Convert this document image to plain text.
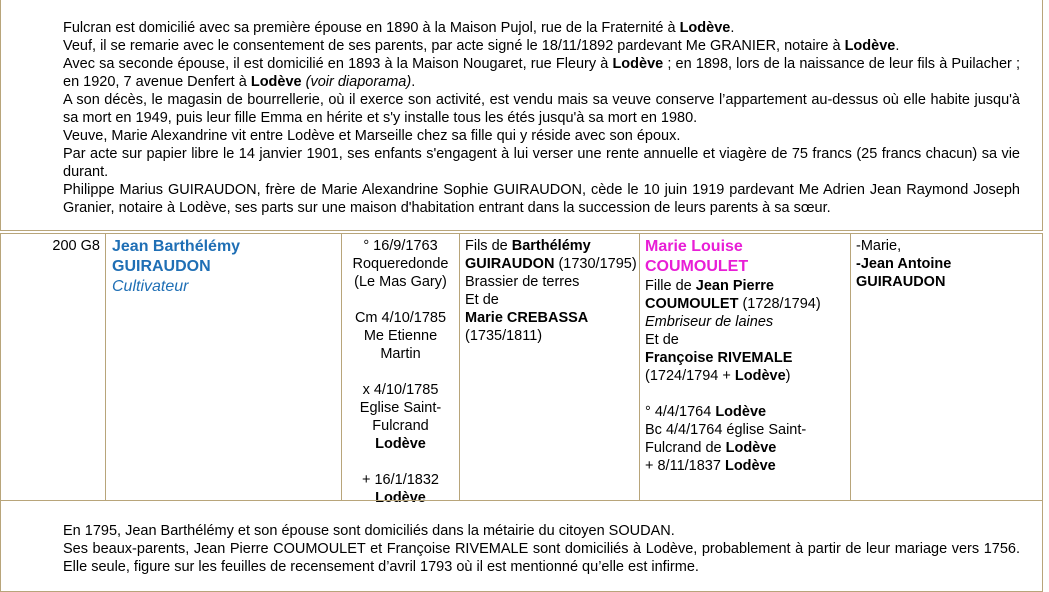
Fulcran est domicilié avec sa première épouse en 1890 à la Maison Pujol, rue de la Fraternité à Lodève.

Veuf, il se remarie avec le consentement de ses parents, par acte signé le 18/11/1892 pardevant Me GRANIER, notaire à Lodève.

Avec sa seconde épouse, il est domicilié en 1893 à la Maison Nougaret, rue Fleury à Lodève ; en 1898, lors de la naissance de leur fils à Puilacher ; en 1920, 7 avenue Denfert à Lodève (voir diaporama).

A son décès, le magasin de bourrellerie, où il exerce son activité, est vendu mais sa veuve conserve l’appartement au-dessus où elle habite jusqu'à sa mort en 1949, puis leur fille Emma en hérite et s'y installe tous les étés jusqu'à sa mort en 1980.

Veuve, Marie Alexandrine vit entre Lodève et Marseille chez sa fille qui y réside avec son époux.

Par acte sur papier libre le 14 janvier 1901, ses enfants s'engagent à lui verser une rente annuelle et viagère de 75 francs (25 francs chacun) sa vie durant.

Philippe Marius GUIRAUDON, frère de Marie Alexandrine Sophie GUIRAUDON, cède le 10 juin 1919 pardevant Me Adrien Jean Raymond Joseph Granier, notaire à Lodève, ses parts sur une maison d'habitation entrant dans la succession de leurs parents à sa sœur.

200 G8 Jean Barthélémy GUIRAUDON
Cultivateur
° 16/9/1763
Roqueredonde
(Le Mas Gary)
Cm 4/10/1785
Me Etienne
Martin
x 4/10/1785
Eglise Saint-
Fulcrand
Lodève
+ 16/1/1832
Lodève
Fils de Barthélémy GUIRAUDON (1730/1795) Brassier de terres
Et de
Marie CREBASSA
(1735/1811)
Marie Louise COUMOULET
Fille de Jean Pierre COUMOULET (1728/1794)
Embriseur de laines
Et de
Françoise RIVEMALE
(1724/1794 + Lodève)
° 4/4/1764 Lodève
Bc 4/4/1764 église Saint-Fulcrand de Lodève
+ 8/11/1837 Lodève
-Marie,
-Jean Antoine GUIRAUDON

En 1795, Jean Barthélémy et son épouse sont domiciliés dans la métairie du citoyen SOUDAN.

Ses beaux-parents, Jean Pierre COUMOULET et Françoise RIVEMALE sont domiciliés à Lodève, probablement à partir de leur mariage vers 1756. Elle seule, figure sur les feuilles de recensement d’avril 1793 où il est mentionné qu’elle est infirme.
